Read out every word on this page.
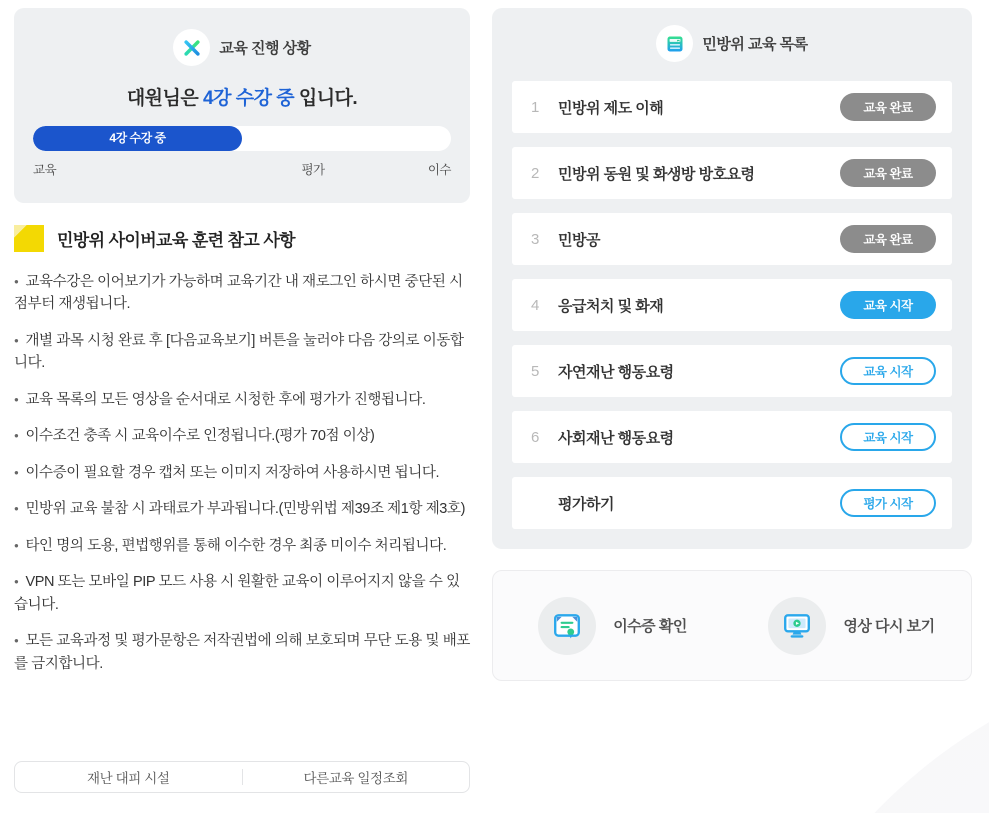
교육 진행 상황
대원님은 4강 수강 중 입니다.
4강 수강 중
교육	평가	이수
민방위 사이버교육 훈련 참고 사항

● 교육수강은 이어보기가 가능하며 교육기간 내 재로그인 하시면 중단된 시점부터 재생됩니다.

● 개별 과목 시청 완료 후 [다음교육보기] 버튼을 눌러야 다음 강의로 이동합니다.

● 교육 목록의 모든 영상을 순서대로 시청한 후에 평가가 진행됩니다.

● 이수조건 충족 시 교육이수로 인정됩니다.(평가 70점 이상)

● 이수증이 필요할 경우 캡처 또는 이미지 저장하여 사용하시면 됩니다.

● 민방위 교육 불참 시 과태료가 부과됩니다.(민방위법 제39조 제1항 제3호)

● 타인 명의 도용, 편법행위를 통해 이수한 경우 최종 미이수 처리됩니다.

● VPN 또는 모바일 PIP 모드 사용 시 원활한 교육이 이루어지지 않을 수 있습니다.

● 모든 교육과정 및 평가문항은 저작권법에 의해 보호되며 무단 도용 및 배포를 금지합니다.

재난 대피 시설	다른교육 일정조회
민방위 교육 목록
1	민방위 제도 이해	교육 완료
2	민방위 동원 및 화생방 방호요령	교육 완료
3	민방공	교육 완료
4	응급처치 및 화재	교육 시작
5	자연재난 행동요령	교육 시작
6	사회재난 행동요령	교육 시작
평가하기	평가 시작
이수증 확인	영상 다시 보기
